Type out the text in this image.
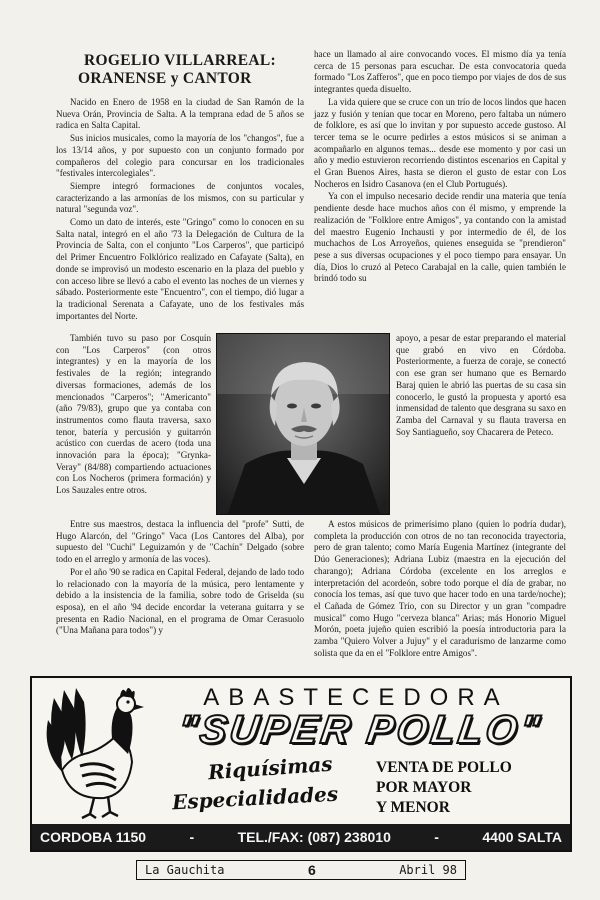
ROGELIO VILLARREAL:
ORANENSE y CANTOR

Nacido en Enero de 1958 en la ciudad de San Ramón de la Nueva Orán, Provincia de Salta. A la temprana edad de 5 años se radica en Salta Capital.

Sus inicios musicales, como la mayoría de los "changos", fue a los 13/14 años, y por supuesto con un conjunto formado por compañeros del colegio para concursar en los tradicionales "festivales intercolegiales".

Siempre integró formaciones de conjuntos vocales, caracterizando a las armonías de los mismos, con su particular y natural "segunda voz".

Como un dato de interés, este "Gringo" como lo conocen en su Salta natal, integró en el año '73 la Delegación de Cultura de la Provincia de Salta, con el conjunto "Los Carperos", que participó del Primer Encuentro Folklórico realizado en Cafayate (Salta), en donde se improvisó un modesto escenario en la plaza del pueblo y con acceso libre se llevó a cabo el evento las noches de un viernes y sábado. Posteriormente este "Encuentro", con el tiempo, dió lugar a la tradicional Serenata a Cafayate, uno de los festivales más importantes del Norte.

También tuvo su paso por Cosquín con "Los Carperos" (con otros integrantes) y en la mayoría de los festivales de la región; integrando diversas formaciones, además de los mencionados "Carperos"; "Americanto" (año 79/83), grupo que ya contaba con instrumentos como flauta traversa, saxo tenor, batería y percusión y guitarrón acústico con cuerdas de acero (toda una innovación para la época); "Grynka-Veray" (84/88) compartiendo actuaciones con Los Nocheros (primera formación) y Los Sauzales entre otros.

Entre sus maestros, destaca la influencia del "profe" Sutti, de Hugo Alarcón, del "Gringo" Vaca (Los Cantores del Alba), por supuesto del "Cuchi" Leguizamón y de "Cachín" Delgado (sobre todo en el arreglo y armonía de las voces).

Por el año '90 se radica en Capital Federal, dejando de lado todo lo relacionado con la mayoría de la música, pero lentamente y debido a la insistencia de la familia, sobre todo de Griselda (su esposa), en el año '94 decide encordar la veterana guitarra y se presenta en Radio Nacional, en el programa de Omar Cerasuolo ("Una Mañana para todos") y

hace un llamado al aire convocando voces. El mismo día ya tenía cerca de 15 personas para escuchar. De esta convocatoria queda formado "Los Zafferos", que en poco tiempo por viajes de dos de sus integrantes queda disuelto.

La vida quiere que se cruce con un trío de locos lindos que hacen jazz y fusión y tenían que tocar en Moreno, pero faltaba un número de folklore, es así que lo invitan y por supuesto accede gustoso. Al tercer tema se le ocurre pedirles a estos músicos si se animan a acompañarlo en algunos temas... desde ese momento y por casi un año y medio estuvieron recorriendo distintos escenarios en Capital y el Gran Buenos Aires, hasta se dieron el gusto de estar con Los Nocheros en Isidro Casanova (en el Club Portugués).

Ya con el impulso necesario decide rendir una materia que tenía pendiente desde hace muchos años con él mismo, y emprende la realización de "Folklore entre Amigos", ya contando con la amistad del maestro Eugenio Inchausti y por intermedio de él, de los muchachos de Los Arroyeños, quienes enseguida se "prendieron" pese a sus diversas ocupaciones y el poco tiempo para ensayar. Un día, Dios lo cruzó al Peteco Carabajal en la calle, quien también le brindó todo su

apoyo, a pesar de estar preparando el material que grabó en vivo en Córdoba. Posteriormente, a fuerza de coraje, se conectó con ese gran ser humano que es Bernardo Baraj quien le abrió las puertas de su casa sin conocerlo, le gustó la propuesta y aportó esa inmensidad de talento que desgrana su saxo en Zamba del Carnaval y su flauta traversa en Soy Santiagueño, soy Chacarera de Peteco.

A estos músicos de primerísimo plano (quien lo podría dudar), completa la producción con otros de no tan reconocida trayectoria, pero de gran talento; como María Eugenia Martínez (integrante del Dúo Generaciones); Adriana Lubiz (maestra en la ejecución del charango); Adriana Córdoba (excelente en los arreglos e interpretación del acordeón, sobre todo porque el día de grabar, no conocía los temas, así que tuvo que hacer todo en una tarde/noche); el Cañada de Gómez Trío, con su Director y un gran "compadre musical" como Hugo "cerveza blanca" Arias; más Honorio Miguel Morón, poeta jujeño quien escribió la poesía introductoria para la zamba "Quiero Volver a Jujuy" y el caradurismo de lanzarme como solista que da en el "Folklore entre Amigos".

ABASTECEDORA
"SUPER POLLO"
Riquísimas
Especialidades
VENTA DE POLLO
POR MAYOR
Y MENOR
CORDOBA 1150	-	TEL./FAX: (087) 238010	-	4400 SALTA
La Gauchita	6	Abril 98
